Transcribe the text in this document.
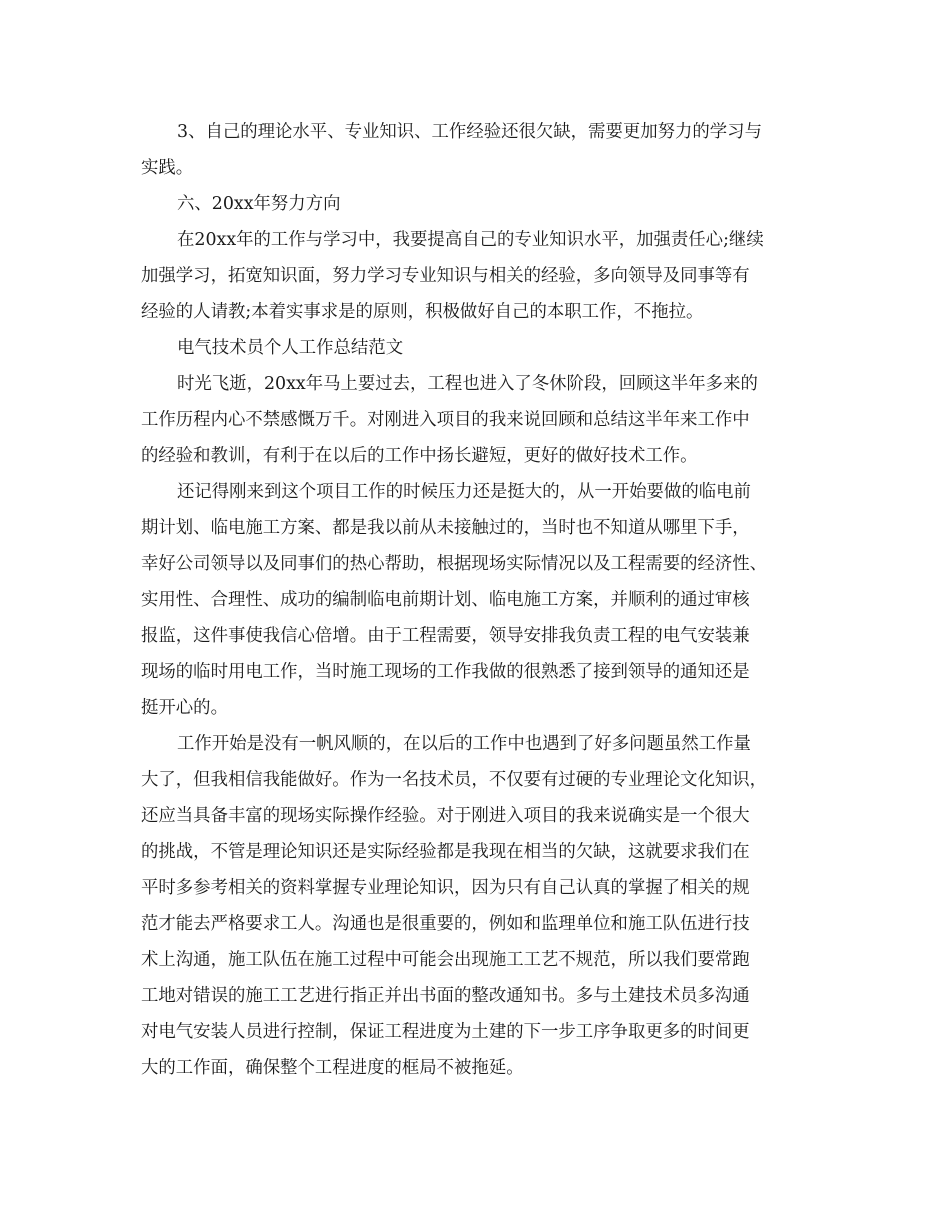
3、自己的理论水平、专业知识、工作经验还很欠缺，需要更加努力的学习与
实践。
六、20xx年努力方向
在20xx年的工作与学习中，我要提高自己的专业知识水平，加强责任心;继续
加强学习，拓宽知识面，努力学习专业知识与相关的经验，多向领导及同事等有
经验的人请教;本着实事求是的原则，积极做好自己的本职工作，不拖拉。
电气技术员个人工作总结范文
时光飞逝，20xx年马上要过去，工程也进入了冬休阶段，回顾这半年多来的
工作历程内心不禁感慨万千。对刚进入项目的我来说回顾和总结这半年来工作中
的经验和教训，有利于在以后的工作中扬长避短，更好的做好技术工作。
还记得刚来到这个项目工作的时候压力还是挺大的，从一开始要做的临电前
期计划、临电施工方案、都是我以前从未接触过的，当时也不知道从哪里下手，
幸好公司领导以及同事们的热心帮助，根据现场实际情况以及工程需要的经济性、
实用性、合理性、成功的编制临电前期计划、临电施工方案，并顺利的通过审核
报监，这件事使我信心倍增。由于工程需要，领导安排我负责工程的电气安装兼
现场的临时用电工作，当时施工现场的工作我做的很熟悉了接到领导的通知还是
挺开心的。
工作开始是没有一帆风顺的，在以后的工作中也遇到了好多问题虽然工作量
大了，但我相信我能做好。作为一名技术员，不仅要有过硬的专业理论文化知识，
还应当具备丰富的现场实际操作经验。对于刚进入项目的我来说确实是一个很大
的挑战，不管是理论知识还是实际经验都是我现在相当的欠缺，这就要求我们在
平时多参考相关的资料掌握专业理论知识，因为只有自己认真的掌握了相关的规
范才能去严格要求工人。沟通也是很重要的，例如和监理单位和施工队伍进行技
术上沟通，施工队伍在施工过程中可能会出现施工工艺不规范，所以我们要常跑
工地对错误的施工工艺进行指正并出书面的整改通知书。多与土建技术员多沟通
对电气安装人员进行控制，保证工程进度为土建的下一步工序争取更多的时间更
大的工作面，确保整个工程进度的框局不被拖延。
